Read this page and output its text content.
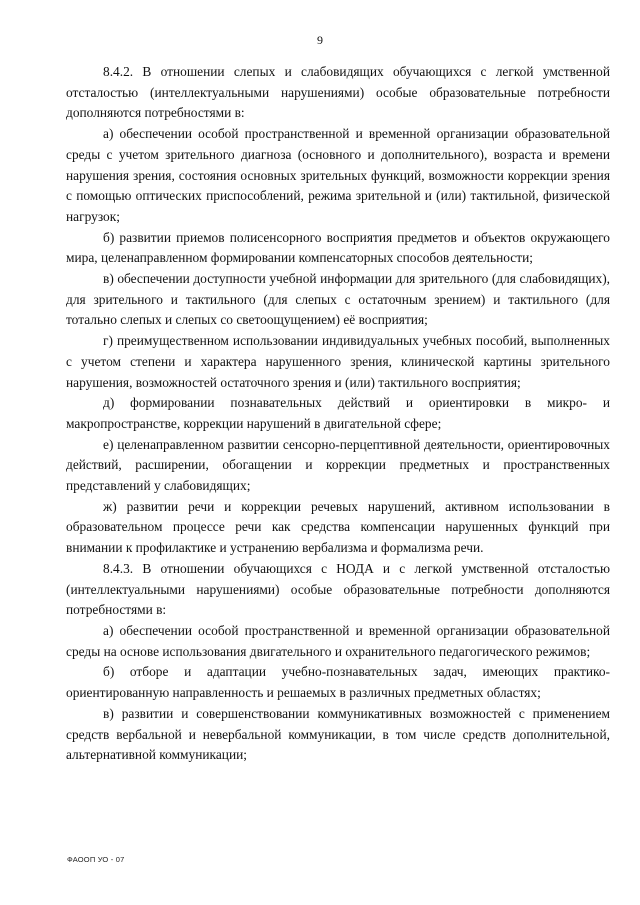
9

8.4.2. В отношении слепых и слабовидящих обучающихся с легкой умственной отсталостью (интеллектуальными нарушениями) особые образовательные потребности дополняются потребностями в:

а) обеспечении особой пространственной и временной организации образовательной среды с учетом зрительного диагноза (основного и дополнительного), возраста и времени нарушения зрения, состояния основных зрительных функций, возможности коррекции зрения с помощью оптических приспособлений, режима зрительной и (или) тактильной, физической нагрузок;

б) развитии приемов полисенсорного восприятия предметов и объектов окружающего мира, целенаправленном формировании компенсаторных способов деятельности;

в) обеспечении доступности учебной информации для зрительного (для слабовидящих), для зрительного и тактильного (для слепых с остаточным зрением) и тактильного (для тотально слепых и слепых со светоощущением) её восприятия;

г) преимущественном использовании индивидуальных учебных пособий, выполненных с учетом степени и характера нарушенного зрения, клинической картины зрительного нарушения, возможностей остаточного зрения и (или) тактильного восприятия;

д) формировании познавательных действий и ориентировки в микро- и макропространстве, коррекции нарушений в двигательной сфере;

е) целенаправленном развитии сенсорно-перцептивной деятельности, ориентировочных действий, расширении, обогащении и коррекции предметных и пространственных представлений у слабовидящих;

ж) развитии речи и коррекции речевых нарушений, активном использовании в образовательном процессе речи как средства компенсации нарушенных функций при внимании к профилактике и устранению вербализма и формализма речи.

8.4.3. В отношении обучающихся с НОДА и с легкой умственной отсталостью (интеллектуальными нарушениями) особые образовательные потребности дополняются потребностями в:

а) обеспечении особой пространственной и временной организации образовательной среды на основе использования двигательного и охранительного педагогического режимов;

б) отборе и адаптации учебно-познавательных задач, имеющих практико-ориентированную направленность и решаемых в различных предметных областях;

в) развитии и совершенствовании коммуникативных возможностей с применением средств вербальной и невербальной коммуникации, в том числе средств дополнительной, альтернативной коммуникации;

ФАООП УО - 07
